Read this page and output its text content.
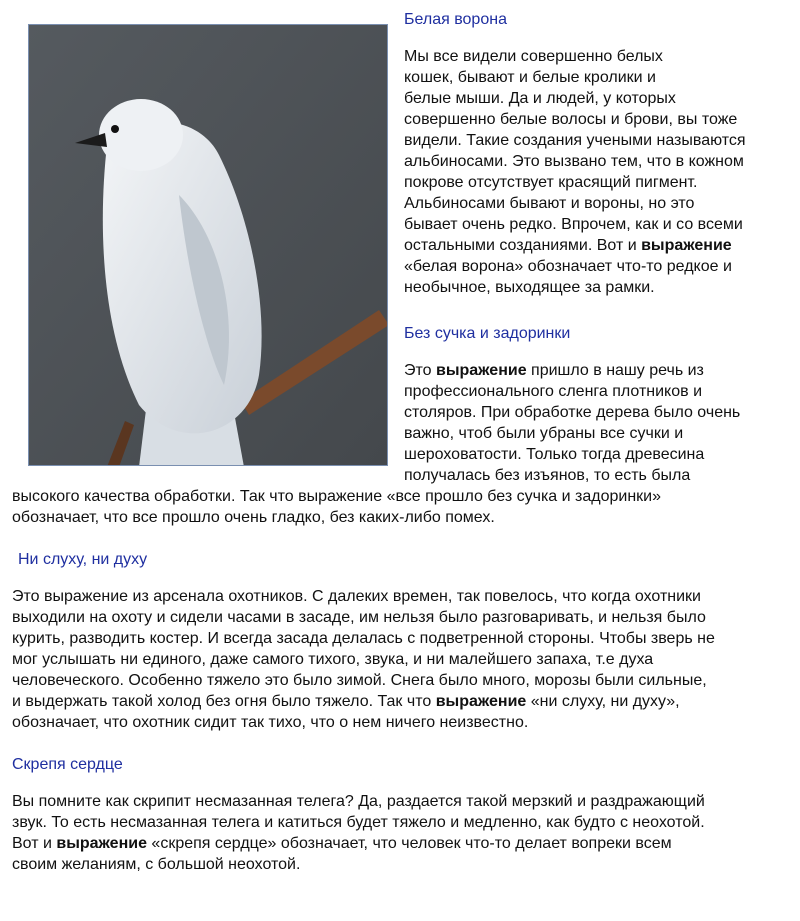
Белая ворона

Мы все видели совершенно белых
кошек, бывают и белые кролики и
белые мыши. Да и людей, у которых
совершенно белые волосы и брови, вы тоже
видели. Такие создания учеными называются
альбиносами. Это вызвано тем, что в кожном
покрове отсутствует красящий пигмент.
Альбиносами бывают и вороны, но это
бывает очень редко. Впрочем, как и со всеми
остальными созданиями. Вот и выражение
«белая ворона» обозначает что-то редкое и
необычное, выходящее за рамки.

Без сучка и задоринки

Это выражение пришло в нашу речь из
профессионального сленга плотников и
столяров. При обработке дерева было очень
важно, чтоб были убраны все сучки и
шероховатости. Только тогда древесина
получалась без изъянов, то есть была
высокого качества обработки. Так что выражение «все прошло без сучка и задоринки»
обозначает, что все прошло очень гладко, без каких-либо помех.

Ни слуху, ни духу

Это выражение из арсенала охотников. С далеких времен, так повелось, что когда охотники
выходили на охоту и сидели часами в засаде, им нельзя было разговаривать, и нельзя было
курить, разводить костер. И всегда засада делалась с подветренной стороны. Чтобы зверь не
мог услышать ни единого, даже самого тихого, звука, и ни малейшего запаха, т.е духа
человеческого. Особенно тяжело это было зимой. Снега было много, морозы были сильные,
и выдержать такой холод без огня было тяжело. Так что выражение «ни слуху, ни духу»,
обозначает, что охотник сидит так тихо, что о нем ничего неизвестно.

Скрепя сердце

Вы помните как скрипит несмазанная телега? Да, раздается такой мерзкий и раздражающий
звук. То есть несмазанная телега и катиться будет тяжело и медленно, как будто с неохотой.
Вот и выражение «скрепя сердце» обозначает, что человек что-то делает вопреки всем
своим желаниям, с большой неохотой.
